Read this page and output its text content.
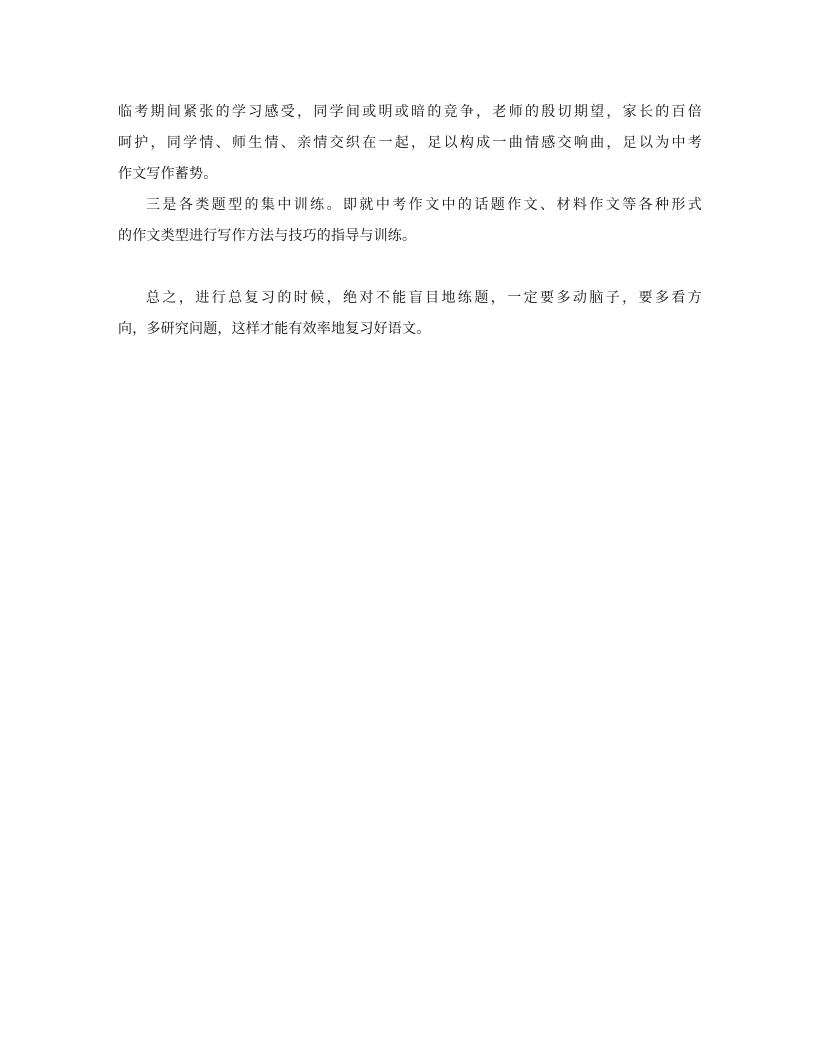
临考期间紧张的学习感受，同学间或明或暗的竞争，老师的殷切期望，家长的百倍
呵护，同学情、师生情、亲情交织在一起，足以构成一曲情感交响曲，足以为中考
作文写作蓄势。
三是各类题型的集中训练。即就中考作文中的话题作文、材料作文等各种形式
的作文类型进行写作方法与技巧的指导与训练。
总之，进行总复习的时候，绝对不能盲目地练题，一定要多动脑子，要多看方
向，多研究问题，这样才能有效率地复习好语文。
